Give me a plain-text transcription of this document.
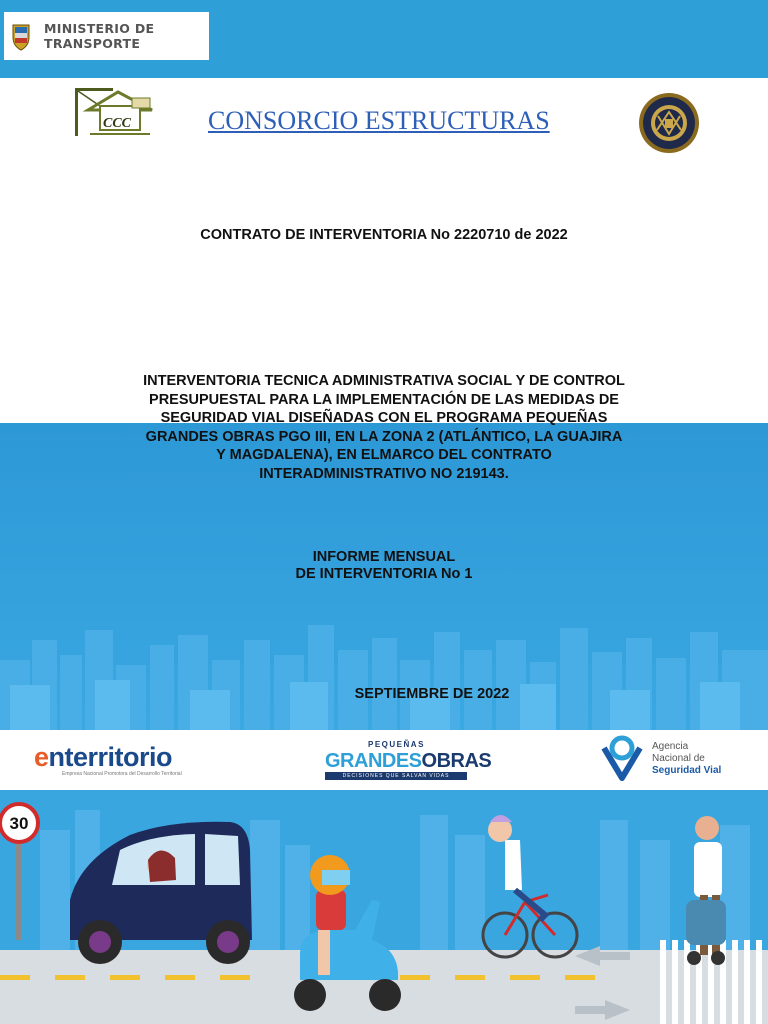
MINISTERIO DE
TRANSPORTE
CCC	CONSORCIO ESTRUCTURAS
CONTRATO DE INTERVENTORIA No 2220710 de 2022
INTERVENTORIA TECNICA ADMINISTRATIVA SOCIAL Y DE CONTROL PRESUPUESTAL PARA LA IMPLEMENTACIÓN DE LAS MEDIDAS DE SEGURIDAD VIAL DISEÑADAS CON EL PROGRAMA PEQUEÑAS GRANDES OBRAS PGO III, EN LA ZONA 2 (ATLÁNTICO, LA GUAJIRA Y MAGDALENA), EN ELMARCO DEL CONTRATO INTERADMINISTRATIVO NO 219143.
INFORME MENSUAL
DE INTERVENTORIA No 1
SEPTIEMBRE DE 2022
enterritorio
Empresa Nacional Promotora del Desarrollo Territorial
PEQUEÑAS
GRANDESOBRAS
DECISIONES QUE SALVAN VIDAS
Agencia
Nacional de
Seguridad Vial
30
